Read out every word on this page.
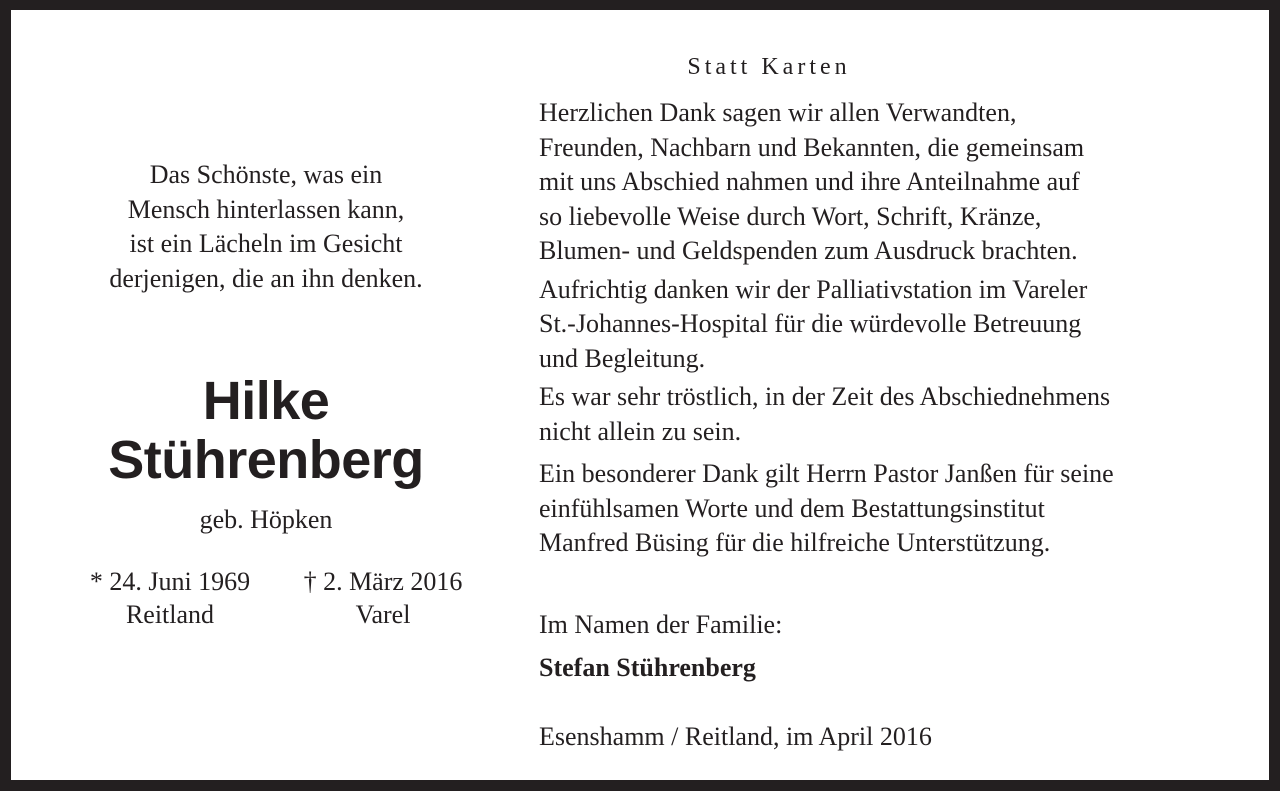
Das Schönste, was ein
Mensch hinterlassen kann,
ist ein Lächeln im Gesicht
derjenigen, die an ihn denken.
Hilke
Stührenberg
geb. Höpken
* 24. Juni 1969
Reitland
† 2. März 2016
Varel
Statt Karten
Herzlichen Dank sagen wir allen Verwandten,
Freunden, Nachbarn und Bekannten, die gemeinsam
mit uns Abschied nahmen und ihre Anteilnahme auf
so liebevolle Weise durch Wort, Schrift, Kränze,
Blumen- und Geldspenden zum Ausdruck brachten.
Aufrichtig danken wir der Palliativstation im Vareler
St.-Johannes-Hospital für die würdevolle Betreuung
und Begleitung.
Es war sehr tröstlich, in der Zeit des Abschiednehmens
nicht allein zu sein.
Ein besonderer Dank gilt Herrn Pastor Janßen für seine
einfühlsamen Worte und dem Bestattungsinstitut
Manfred Büsing für die hilfreiche Unterstützung.
Im Namen der Familie:
Stefan Stührenberg
Esenshamm / Reitland, im April 2016
